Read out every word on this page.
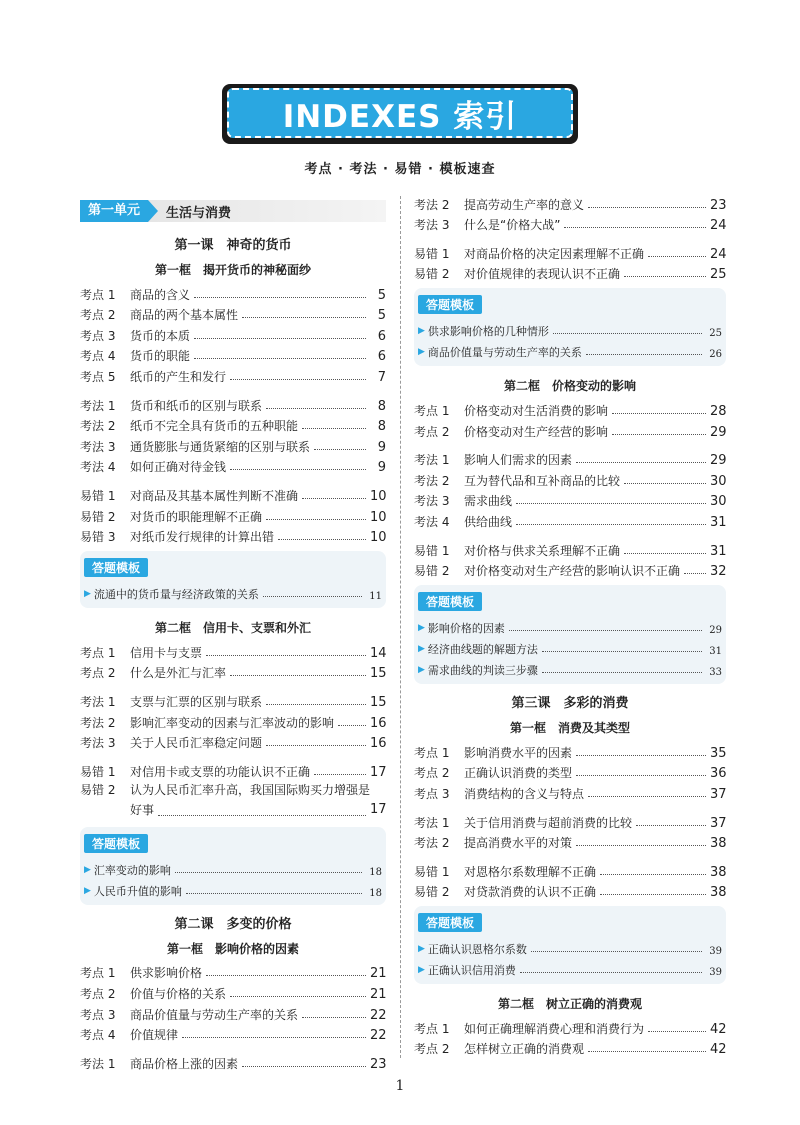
INDEXES 索引
考点 · 考法 · 易错 · 模板速查
第一单元	生活与消费
第一课　神奇的货币
第一框　揭开货币的神秘面纱
考点 1	商品的含义	5
考点 2	商品的两个基本属性	5
考点 3	货币的本质	6
考点 4	货币的职能	6
考点 5	纸币的产生和发行	7
考法 1	货币和纸币的区别与联系	8
考法 2	纸币不完全具有货币的五种职能	8
考法 3	通货膨胀与通货紧缩的区别与联系	9
考法 4	如何正确对待金钱	9
易错 1	对商品及其基本属性判断不准确	10
易错 2	对货币的职能理解不正确	10
易错 3	对纸币发行规律的计算出错	10
答题模板
▶ 流通中的货币量与经济政策的关系	11
第二框　信用卡、支票和外汇
考点 1	信用卡与支票	14
考点 2	什么是外汇与汇率	15
考法 1	支票与汇票的区别与联系	15
考法 2	影响汇率变动的因素与汇率波动的影响	16
考法 3	关于人民币汇率稳定问题	16
易错 1	对信用卡或支票的功能认识不正确	17
易错 2	认为人民币汇率升高，我国国际购买力增强是
好事	17
答题模板
▶ 汇率变动的影响	18
▶ 人民币升值的影响	18
第二课　多变的价格
第一框　影响价格的因素
考点 1	供求影响价格	21
考点 2	价值与价格的关系	21
考点 3	商品价值量与劳动生产率的关系	22
考点 4	价值规律	22
考法 1	商品价格上涨的因素	23
考法 2	提高劳动生产率的意义	23
考法 3	什么是“价格大战”	24
易错 1	对商品价格的决定因素理解不正确	24
易错 2	对价值规律的表现认识不正确	25
答题模板
▶ 供求影响价格的几种情形	25
▶ 商品价值量与劳动生产率的关系	26
第二框　价格变动的影响
考点 1	价格变动对生活消费的影响	28
考点 2	价格变动对生产经营的影响	29
考法 1	影响人们需求的因素	29
考法 2	互为替代品和互补商品的比较	30
考法 3	需求曲线	30
考法 4	供给曲线	31
易错 1	对价格与供求关系理解不正确	31
易错 2	对价格变动对生产经营的影响认识不正确 32
答题模板
▶ 影响价格的因素	29
▶ 经济曲线题的解题方法	31
▶ 需求曲线的判读三步骤	33
第三课　多彩的消费
第一框　消费及其类型
考点 1	影响消费水平的因素	35
考点 2	正确认识消费的类型	36
考点 3	消费结构的含义与特点	37
考法 1	关于信用消费与超前消费的比较	37
考法 2	提高消费水平的对策	38
易错 1	对恩格尔系数理解不正确	38
易错 2	对贷款消费的认识不正确	38
答题模板
▶ 正确认识恩格尔系数	39
▶ 正确认识信用消费	39
第二框　树立正确的消费观
考点 1	如何正确理解消费心理和消费行为	42
考点 2	怎样树立正确的消费观	42
1
